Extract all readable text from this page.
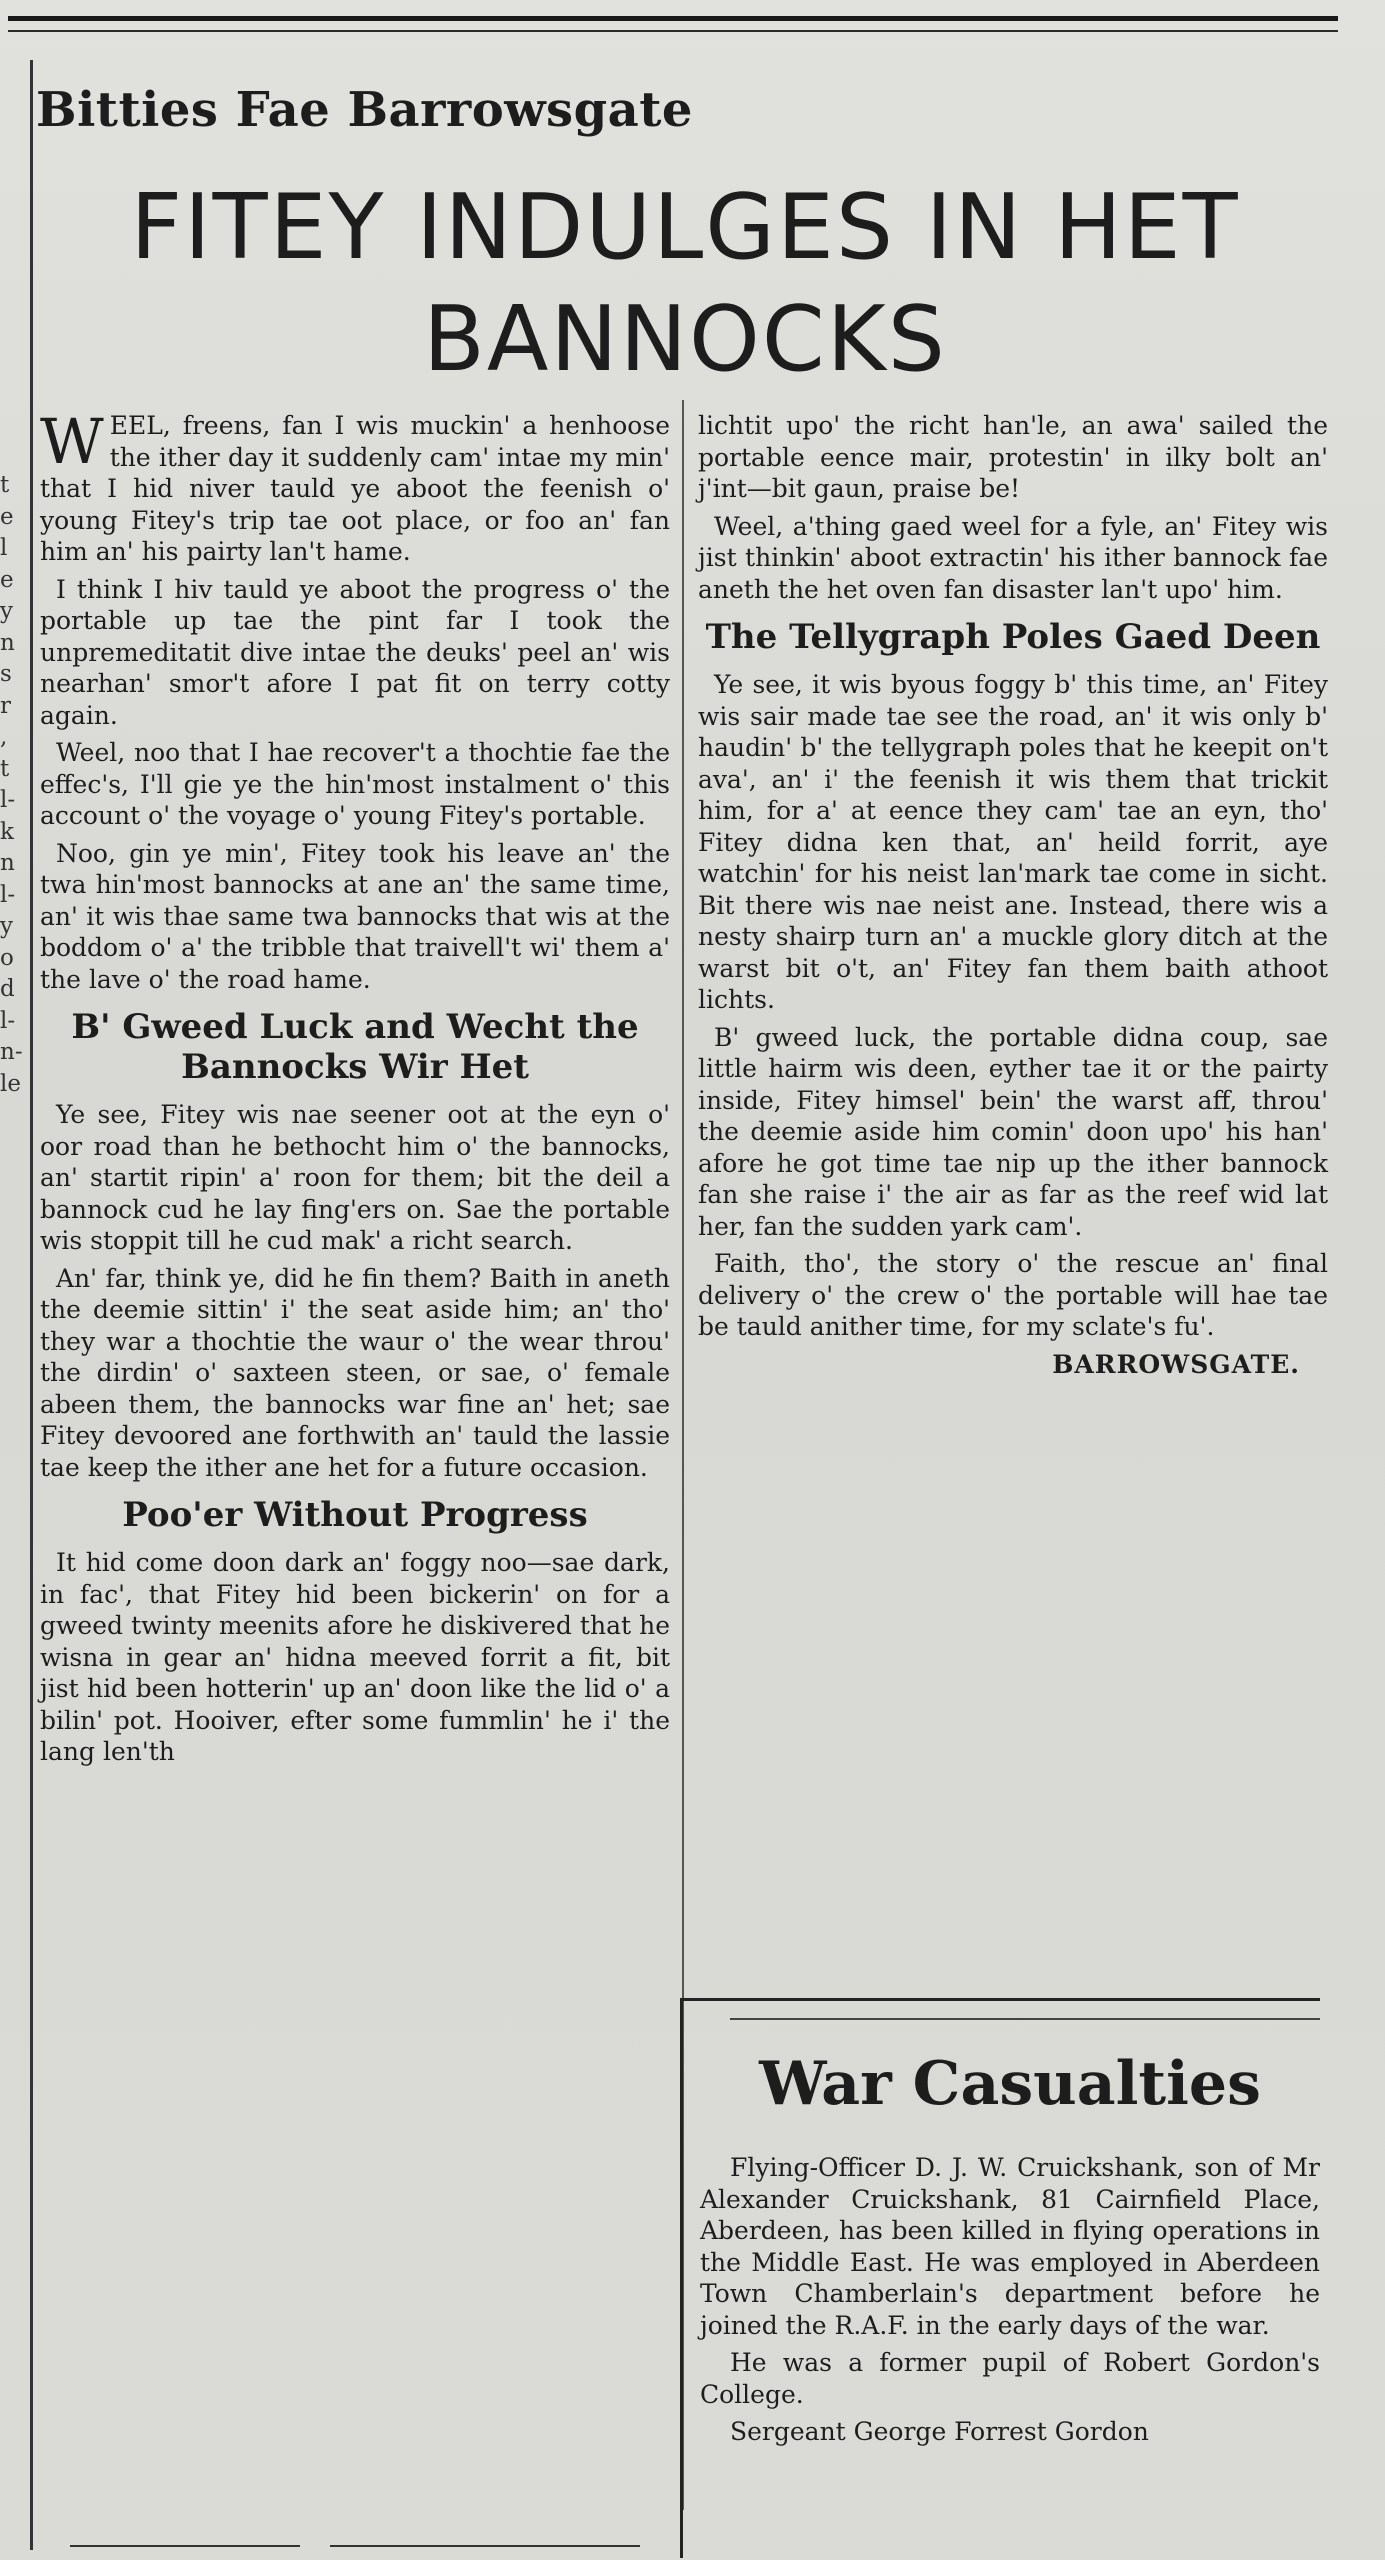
t
e
l
e
y
n
s
r
,
t
l-
k
n
l-
y
o
d
l-
n-
le
Bitties Fae Barrowsgate
FITEY INDULGES IN HET BANNOCKS

WEEL, freens, fan I wis muckin' a henhoose the ither day it suddenly cam' intae my min' that I hid niver tauld ye aboot the feenish o' young Fitey's trip tae oot place, or foo an' fan him an' his pairty lan't hame.

I think I hiv tauld ye aboot the progress o' the portable up tae the pint far I took the unpremeditatit dive intae the deuks' peel an' wis nearhan' smor't afore I pat fit on terry cotty again.

Weel, noo that I hae recover't a thochtie fae the effec's, I'll gie ye the hin'most instalment o' this account o' the voyage o' young Fitey's portable.

Noo, gin ye min', Fitey took his leave an' the twa hin'most bannocks at ane an' the same time, an' it wis thae same twa bannocks that wis at the boddom o' a' the tribble that traivell't wi' them a' the lave o' the road hame.

B' Gweed Luck and Wecht the Bannocks Wir Het

Ye see, Fitey wis nae seener oot at the eyn o' oor road than he bethocht him o' the bannocks, an' startit ripin' a' roon for them; bit the deil a bannock cud he lay fing'ers on. Sae the portable wis stoppit till he cud mak' a richt search.

An' far, think ye, did he fin them? Baith in aneth the deemie sittin' i' the seat aside him; an' tho' they war a thochtie the waur o' the wear throu' the dirdin' o' saxteen steen, or sae, o' female abeen them, the bannocks war fine an' het; sae Fitey devoored ane forthwith an' tauld the lassie tae keep the ither ane het for a future occasion.

Poo'er Without Progress

It hid come doon dark an' foggy noo—sae dark, in fac', that Fitey hid been bickerin' on for a gweed twinty meenits afore he diskivered that he wisna in gear an' hidna meeved forrit a fit, bit jist hid been hotterin' up an' doon like the lid o' a bilin' pot. Hooiver, efter some fummlin' he i' the lang len'th

lichtit upo' the richt han'le, an awa' sailed the portable eence mair, protestin' in ilky bolt an' j'int—bit gaun, praise be!

Weel, a'thing gaed weel for a fyle, an' Fitey wis jist thinkin' aboot extractin' his ither bannock fae aneth the het oven fan disaster lan't upo' him.

The Tellygraph Poles Gaed Deen

Ye see, it wis byous foggy b' this time, an' Fitey wis sair made tae see the road, an' it wis only b' haudin' b' the tellygraph poles that he keepit on't ava', an' i' the feenish it wis them that trickit him, for a' at eence they cam' tae an eyn, tho' Fitey didna ken that, an' heild forrit, aye watchin' for his neist lan'mark tae come in sicht. Bit there wis nae neist ane. Instead, there wis a nesty shairp turn an' a muckle glory ditch at the warst bit o't, an' Fitey fan them baith athoot lichts.

B' gweed luck, the portable didna coup, sae little hairm wis deen, eyther tae it or the pairty inside, Fitey himsel' bein' the warst aff, throu' the deemie aside him comin' doon upo' his han' afore he got time tae nip up the ither bannock fan she raise i' the air as far as the reef wid lat her, fan the sudden yark cam'.

Faith, tho', the story o' the rescue an' final delivery o' the crew o' the portable will hae tae be tauld anither time, for my sclate's fu'.

BARROWSGATE.
War Casualties

Flying-Officer D. J. W. Cruickshank, son of Mr Alexander Cruickshank, 81 Cairnfield Place, Aberdeen, has been killed in flying operations in the Middle East. He was employed in Aberdeen Town Chamberlain's department before he joined the R.A.F. in the early days of the war.

He was a former pupil of Robert Gordon's College.

Sergeant George Forrest Gordon
